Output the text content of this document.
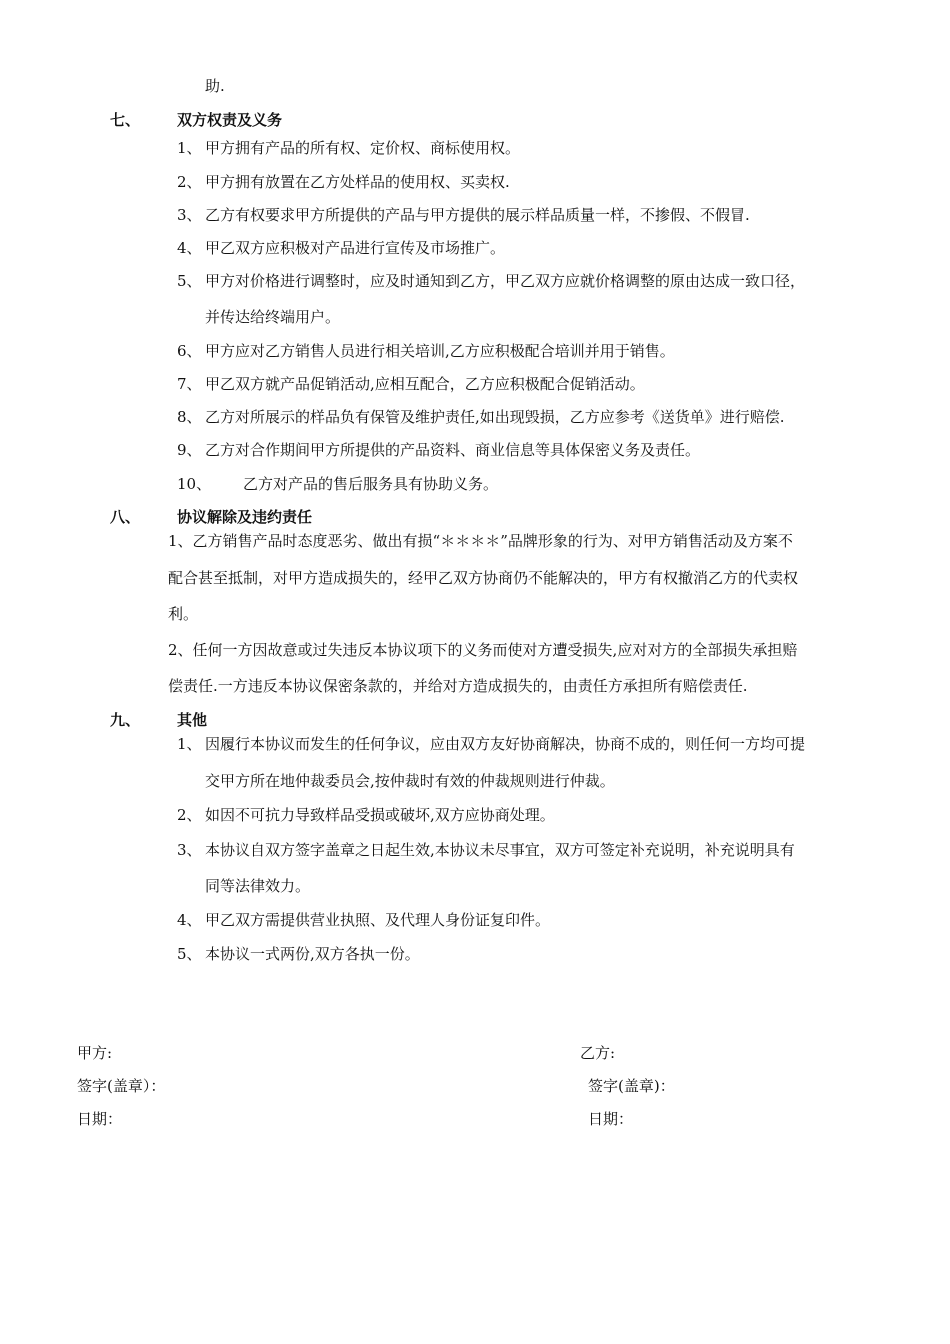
助.
七、 双方权责及义务
1、 甲方拥有产品的所有权、定价权、商标使用权。
2、 甲方拥有放置在乙方处样品的使用权、买卖权.
3、 乙方有权要求甲方所提供的产品与甲方提供的展示样品质量一样，不掺假、不假冒.
4、 甲乙双方应积极对产品进行宣传及市场推广。
5、 甲方对价格进行调整时，应及时通知到乙方，甲乙双方应就价格调整的原由达成一致口径，
并传达给终端用户。
6、 甲方应对乙方销售人员进行相关培训,乙方应积极配合培训并用于销售。
7、 甲乙双方就产品促销活动,应相互配合，乙方应积极配合促销活动。
8、 乙方对所展示的样品负有保管及维护责任,如出现毁损，乙方应参考《送货单》进行赔偿.
9、 乙方对合作期间甲方所提供的产品资料、商业信息等具体保密义务及责任。
10、 乙方对产品的售后服务具有协助义务。
八、 协议解除及违约责任
1、乙方销售产品时态度恶劣、做出有损“＊＊＊＊”品牌形象的行为、对甲方销售活动及方案不
配合甚至抵制，对甲方造成损失的，经甲乙双方协商仍不能解决的，甲方有权撤消乙方的代卖权
利。
2、任何一方因故意或过失违反本协议项下的义务而使对方遭受损失,应对对方的全部损失承担赔
偿责任.一方违反本协议保密条款的，并给对方造成损失的，由责任方承担所有赔偿责任.
九、 其他
1、 因履行本协议而发生的任何争议，应由双方友好协商解决，协商不成的，则任何一方均可提
交甲方所在地仲裁委员会,按仲裁时有效的仲裁规则进行仲裁。
2、 如因不可抗力导致样品受损或破坏,双方应协商处理。
3、 本协议自双方签字盖章之日起生效,本协议未尽事宜，双方可签定补充说明，补充说明具有
同等法律效力。
4、 甲乙双方需提供营业执照、及代理人身份证复印件。
5、 本协议一式两份,双方各执一份。
甲方:
签字(盖章）：
日期：
乙方:
签字(盖章)：
日期：
